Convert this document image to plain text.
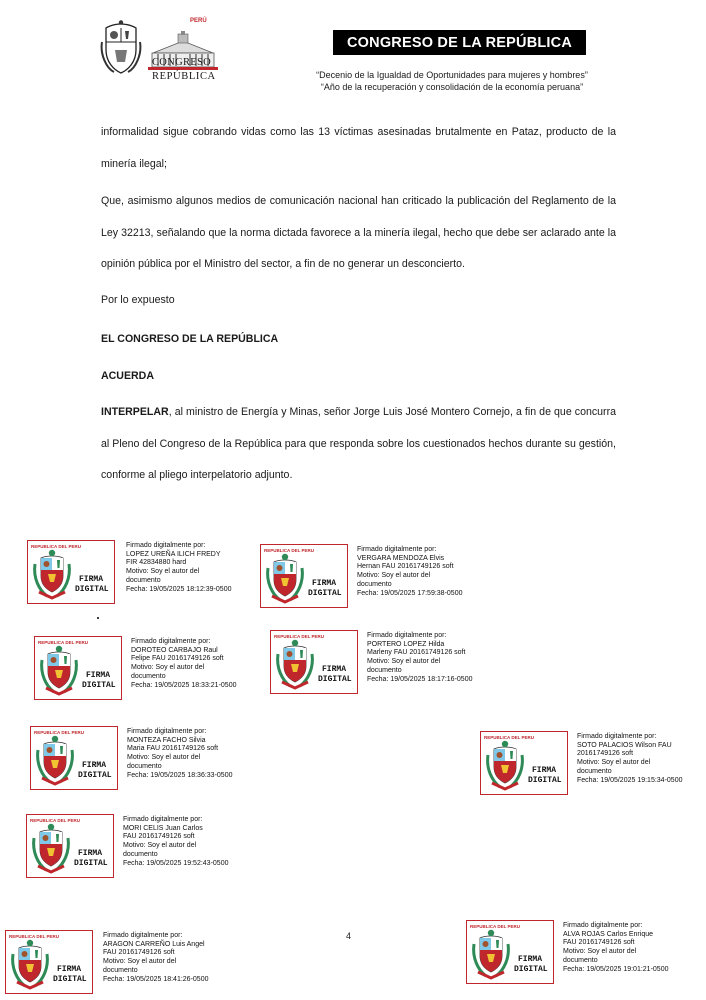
PERÚ
CONGRESO
REPÚBLICA
CONGRESO DE LA REPÚBLICA
“Decenio de la Igualdad de Oportunidades para mujeres y hombres”
“Año de la recuperación y consolidación de la economía peruana”

informalidad sigue cobrando vidas como las 13 víctimas asesinadas brutalmente en Pataz, producto de la minería ilegal;

Que, asimismo algunos medios de comunicación nacional han criticado la publicación del Reglamento de la Ley 32213, señalando que la norma dictada favorece a la minería ilegal, hecho que debe ser aclarado ante la opinión pública por el Ministro del sector, a fin de no generar un desconcierto.

Por lo expuesto
EL CONGRESO DE LA REPÚBLICA
ACUERDA

INTERPELAR, al ministro de Energía y Minas, señor Jorge Luis José Montero Cornejo, a fin de que concurra al Pleno del Congreso de la República para que responda sobre los cuestionados hechos durante su gestión, conforme al pliego interpelatorio adjunto.

REPUBLICA DEL PERU
FIRMA
DIGITAL
Firmado digitalmente por:
LOPEZ UREÑA ILICH FREDY
FIR 42834880 hard
Motivo: Soy el autor del
documento
Fecha: 19/05/2025 18:12:39-0500
REPUBLICA DEL PERU
FIRMA
DIGITAL
Firmado digitalmente por:
VERGARA MENDOZA Elvis
Hernan FAU 20161749126 soft
Motivo: Soy el autor del
documento
Fecha: 19/05/2025 17:59:38-0500
REPUBLICA DEL PERU
FIRMA
DIGITAL
Firmado digitalmente por:
DOROTEO CARBAJO Raul
Felipe FAU 20161749126 soft
Motivo: Soy el autor del
documento
Fecha: 19/05/2025 18:33:21-0500
REPUBLICA DEL PERU
FIRMA
DIGITAL
Firmado digitalmente por:
PORTERO LOPEZ Hilda
Marleny FAU 20161749126 soft
Motivo: Soy el autor del
documento
Fecha: 19/05/2025 18:17:16-0500
REPUBLICA DEL PERU
FIRMA
DIGITAL
Firmado digitalmente por:
MONTEZA FACHO Silvia
Maria FAU 20161749126 soft
Motivo: Soy el autor del
documento
Fecha: 19/05/2025 18:36:33-0500
REPUBLICA DEL PERU
FIRMA
DIGITAL
Firmado digitalmente por:
SOTO PALACIOS Wilson FAU
20161749126 soft
Motivo: Soy el autor del
documento
Fecha: 19/05/2025 19:15:34-0500
REPUBLICA DEL PERU
FIRMA
DIGITAL
Firmado digitalmente por:
MORI CELIS Juan Carlos
FAU 20161749126 soft
Motivo: Soy el autor del
documento
Fecha: 19/05/2025 19:52:43-0500
REPUBLICA DEL PERU
FIRMA
DIGITAL
Firmado digitalmente por:
ARAGON CARREÑO Luis Angel
FAU 20161749126 soft
Motivo: Soy el autor del
documento
Fecha: 19/05/2025 18:41:26-0500
REPUBLICA DEL PERU
FIRMA
DIGITAL
Firmado digitalmente por:
ALVA ROJAS Carlos Enrique
FAU 20161749126 soft
Motivo: Soy el autor del
documento
Fecha: 19/05/2025 19:01:21-0500
4
